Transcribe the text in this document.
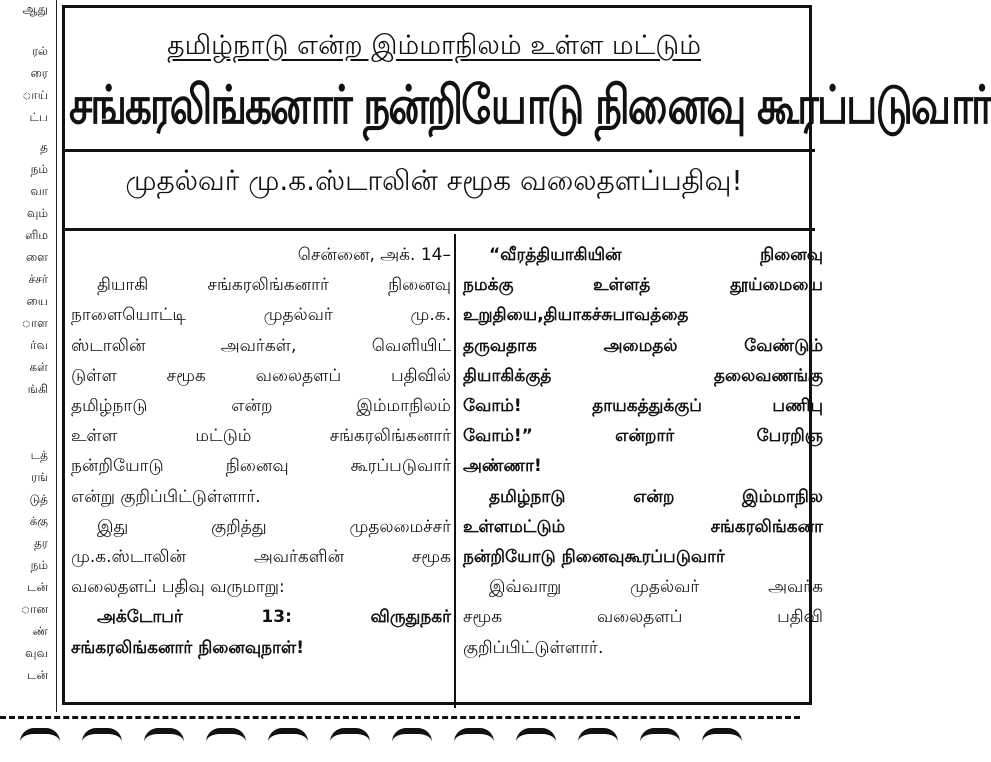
ஆது
ரல்
ரை
ாய்
ட்ப
த
நம்
வா
வும்
ளிம
ளை
ச்சர்
யை
ாள
ர்வ
கள்
ங்கி
டத்
ரங்
டுத்
க்கு
தர
நம்
டன்
ான
ண்
வுவ
டன்
தமிழ்நாடு என்ற இம்மாநிலம் உள்ள மட்டும்
சங்கரலிங்கனார் நன்றியோடு நினைவு கூரப்படுவார்
முதல்வர் மு.க.ஸ்டாலின் சமூக வலைதளப்பதிவு!
சென்னை, அக். 14–
தியாகி சங்கரலிங்கனார் நினைவு
நாளையொட்டி முதல்வர் மு.க.
ஸ்டாலின் அவர்கள், வெளியிட்
டுள்ள சமூக வலைதளப் பதிவில்
தமிழ்நாடு என்ற இம்மாநிலம்
உள்ள மட்டும் சங்கரலிங்கனார்
நன்றியோடு நினைவு கூரப்படுவார்
என்று குறிப்பிட்டுள்ளார்.
இது குறித்து முதலமைச்சர்
மு.க.ஸ்டாலின் அவர்களின் சமூக
வலைதளப் பதிவு வருமாறு:
அக்டோபர் 13: விருதுநகர்
சங்கரலிங்கனார் நினைவுநாள்!
“வீரத்தியாகியின் நினைவு
நமக்கு உள்ளத் தூய்மையை
உறுதியை,தியாகச்சுபாவத்தை
தருவதாக அமைதல் வேண்டும்
தியாகிக்குத் தலைவணங்கு
வோம்! தாயகத்துக்குப் பணிபு
வோம்!” என்றார் பேரறிஞ
அண்ணா!
தமிழ்நாடு என்ற இம்மாநில
உள்ளமட்டும் சங்கரலிங்கனா
நன்றியோடு நினைவுகூரப்படுவார்
இவ்வாறு முதல்வர் அவர்க
சமூக வலைதளப் பதிவி
குறிப்பிட்டுள்ளார்.
